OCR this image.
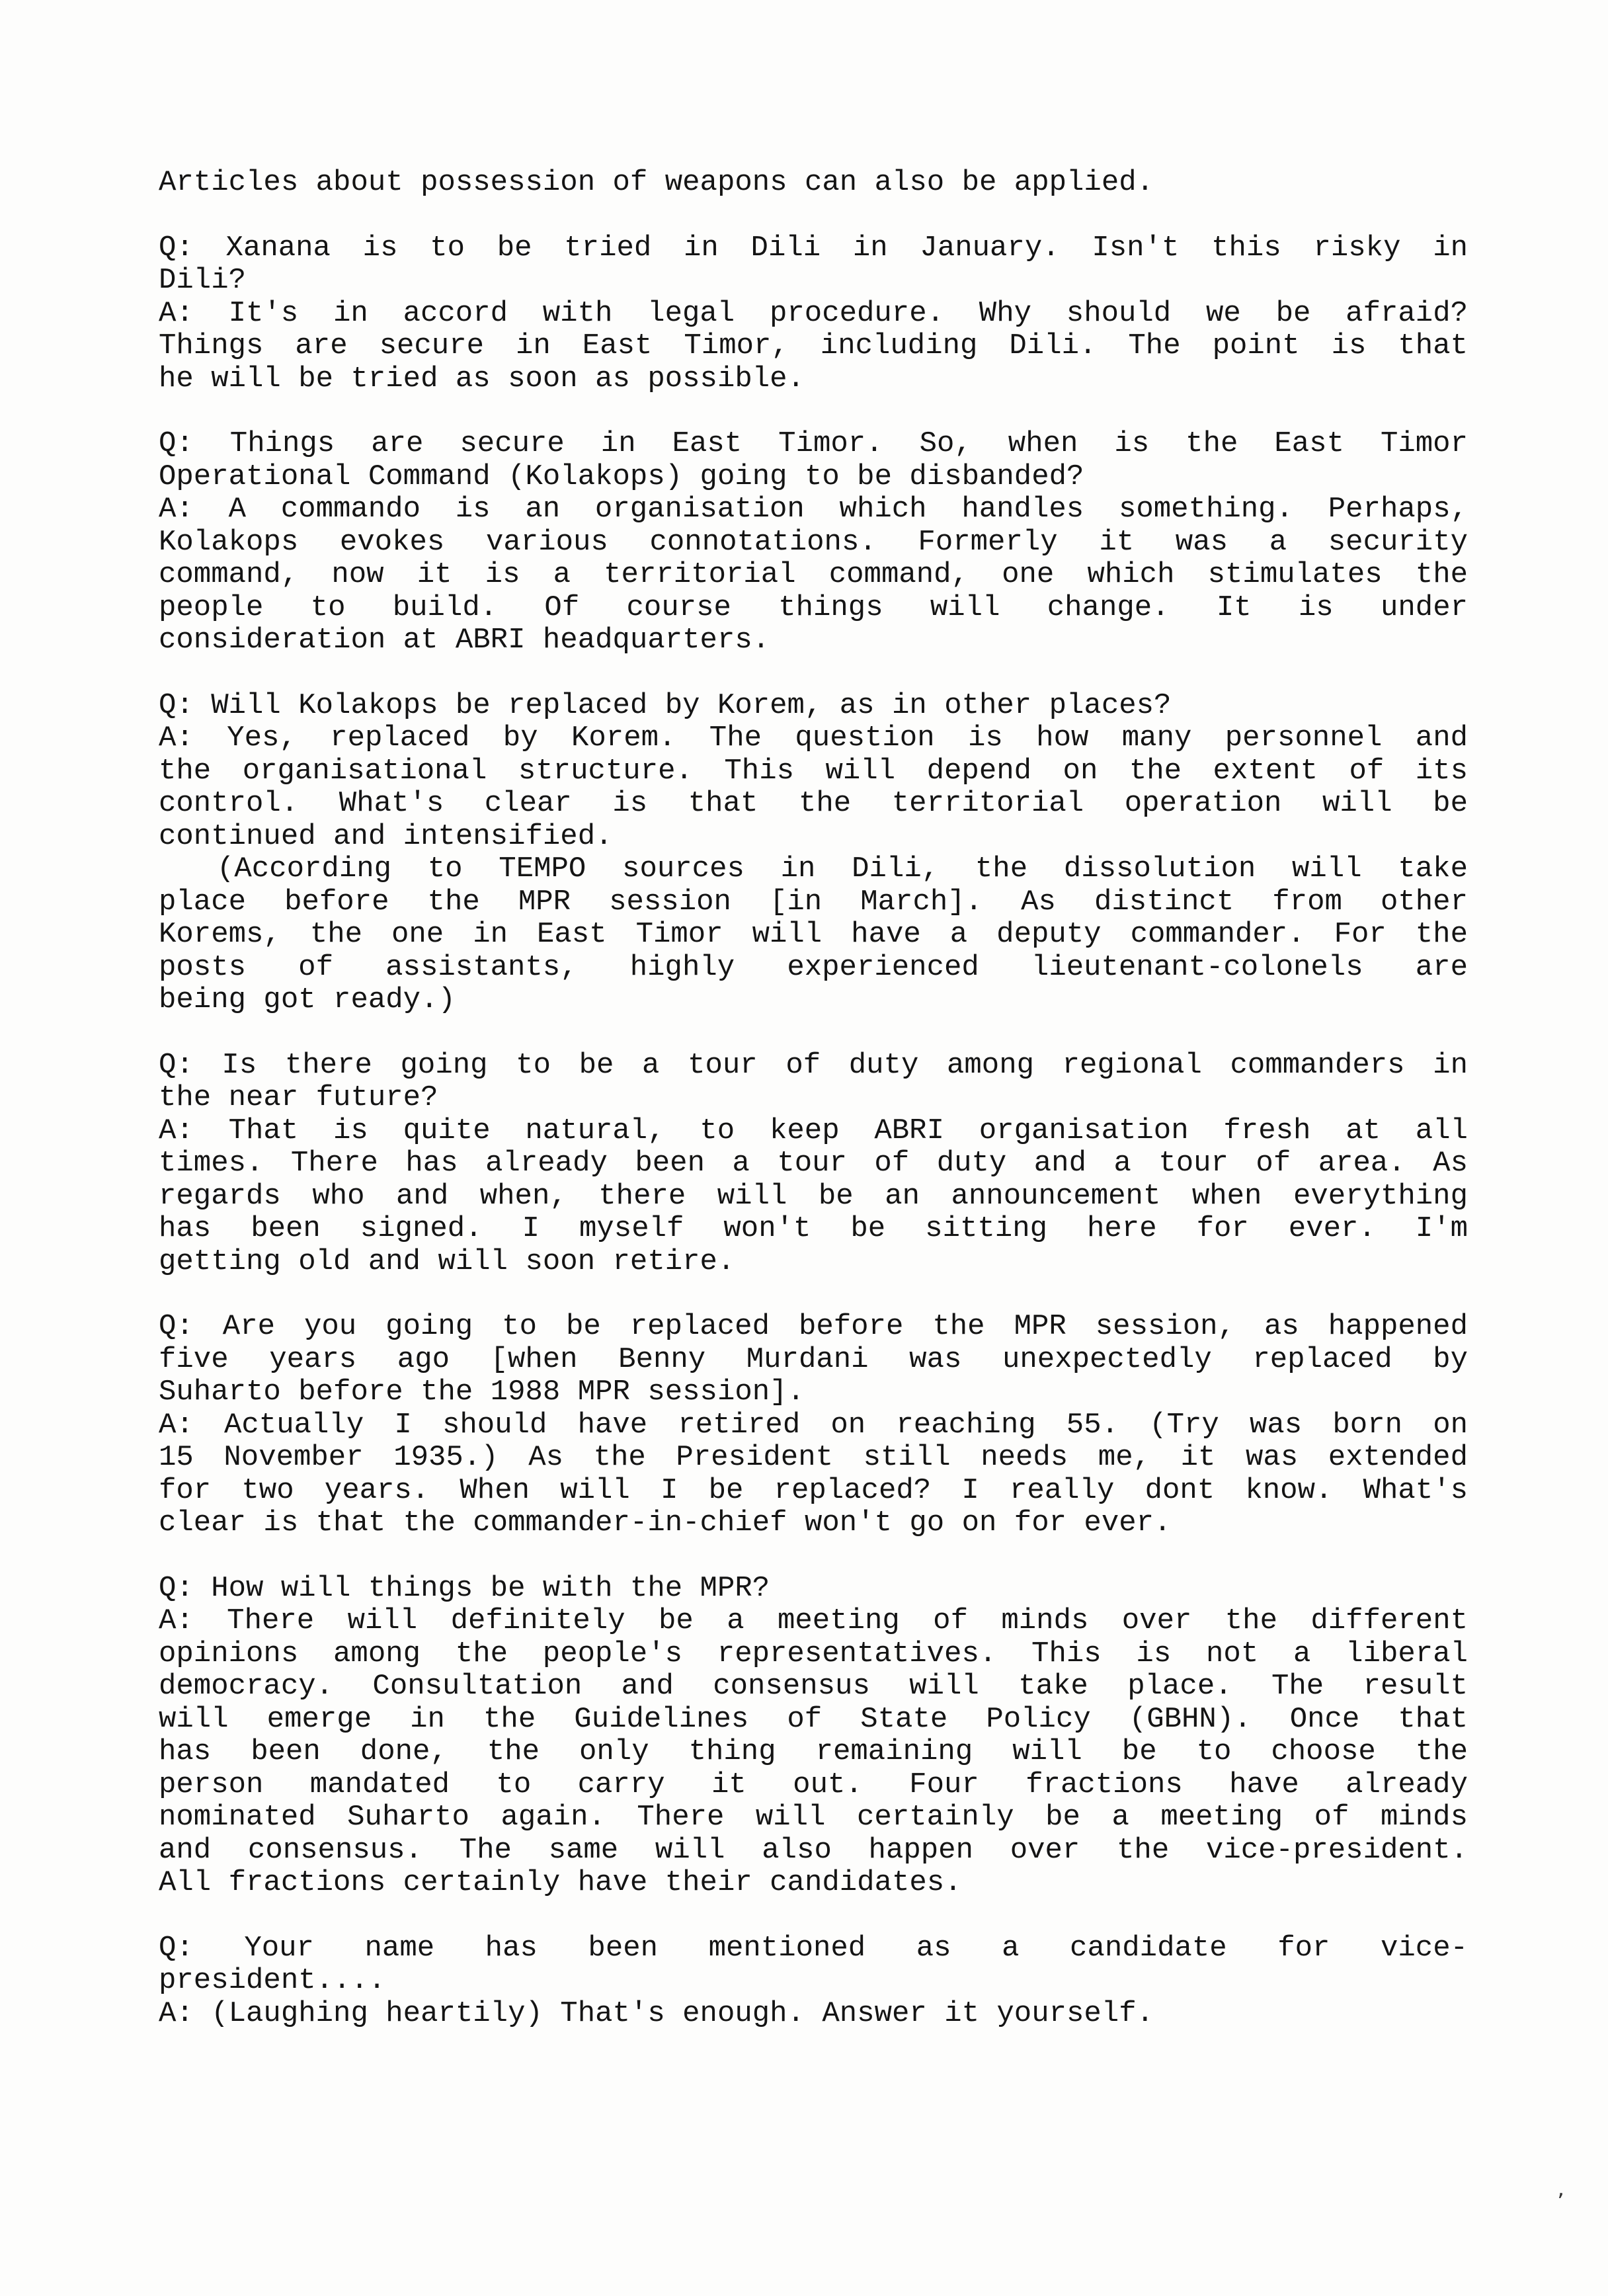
Articles about possession of weapons can also be applied.
Q: Xanana is to be tried in Dili in January. Isn't this risky in
Dili?
A: It's in accord with legal procedure. Why should we be afraid?
Things are secure in East Timor, including Dili. The point is that
he will be tried as soon as possible.
Q: Things are secure in East Timor. So, when is the East Timor
Operational Command (Kolakops) going to be disbanded?
A: A commando is an organisation which handles something. Perhaps,
Kolakops evokes various connotations. Formerly it was a security
command, now it is a territorial command, one which stimulates the
people to build. Of course things will change. It is under
consideration at ABRI headquarters.
Q: Will Kolakops be replaced by Korem, as in other places?
A: Yes, replaced by Korem. The question is how many personnel and
the organisational structure. This will depend on the extent of its
control. What's clear is that the territorial operation will be
continued and intensified.
(According to TEMPO sources in Dili, the dissolution will take
place before the MPR session [in March]. As distinct from other
Korems, the one in East Timor will have a deputy commander. For the
posts of assistants, highly experienced lieutenant-colonels are
being got ready.)
Q: Is there going to be a tour of duty among regional commanders in
the near future?
A: That is quite natural, to keep ABRI organisation fresh at all
times. There has already been a tour of duty and a tour of area. As
regards who and when, there will be an announcement when everything
has been signed. I myself won't be sitting here for ever. I'm
getting old and will soon retire.
Q: Are you going to be replaced before the MPR session, as happened
five years ago [when Benny Murdani was unexpectedly replaced by
Suharto before the 1988 MPR session].
A: Actually I should have retired on reaching 55. (Try was born on
15 November 1935.) As the President still needs me, it was extended
for two years. When will I be replaced? I really dont know. What's
clear is that the commander-in-chief won't go on for ever.
Q: How will things be with the MPR?
A: There will definitely be a meeting of minds over the different
opinions among the people's representatives. This is not a liberal
democracy. Consultation and consensus will take place. The result
will emerge in the Guidelines of State Policy (GBHN). Once that
has been done, the only thing remaining will be to choose the
person mandated to carry it out. Four fractions have already
nominated Suharto again. There will certainly be a meeting of minds
and consensus. The same will also happen over the vice-president.
All fractions certainly have their candidates.
Q: Your name has been mentioned as a candidate for vice-
president....
A: (Laughing heartily) That's enough. Answer it yourself.
’
